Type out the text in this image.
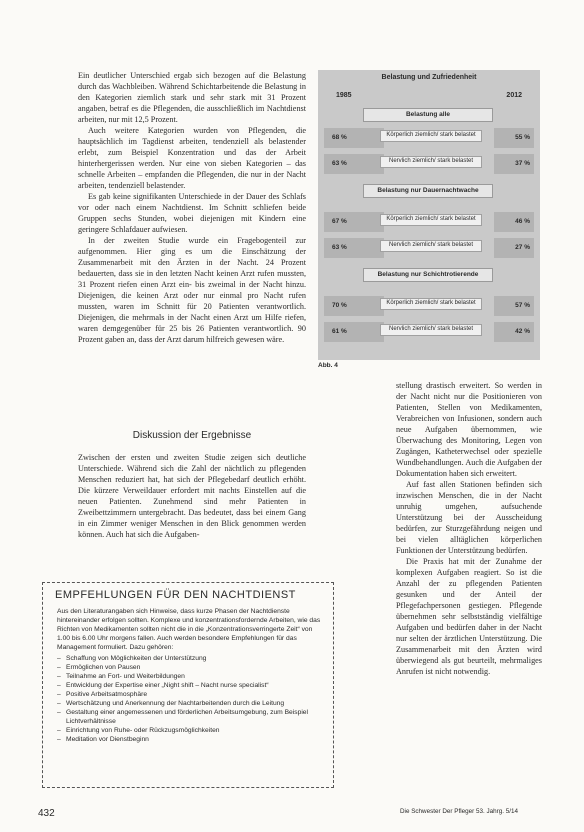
Ein deutlicher Unterschied ergab sich bezogen auf die Belastung durch das Wachbleiben. Während Schichtarbeitende die Belastung in den Kategorien ziemlich stark und sehr stark mit 31 Prozent angaben, betraf es die Pflegenden, die ausschließlich im Nachtdienst arbeiten, nur mit 12,5 Prozent.

Auch weitere Kategorien wurden von Pflegenden, die hauptsächlich im Tagdienst arbeiten, tendenziell als belastender erlebt, zum Beispiel Konzentration und das der Arbeit hinterhergerissen werden. Nur eine von sieben Kategorien – das schnelle Arbeiten – empfanden die Pflegenden, die nur in der Nacht arbeiten, tendenziell belastender.

Es gab keine signifikanten Unterschiede in der Dauer des Schlafs vor oder nach einem Nachtdienst. Im Schnitt schliefen beide Gruppen sechs Stunden, wobei diejenigen mit Kindern eine geringere Schlafdauer aufwiesen.

In der zweiten Studie wurde ein Fragebogenteil zur aufgenommen. Hier ging es um die Einschätzung der Zusammenarbeit mit den Ärzten in der Nacht. 24 Prozent bedauerten, dass sie in den letzten Nacht keinen Arzt rufen mussten, 31 Prozent riefen einen Arzt ein- bis zweimal in der Nacht hinzu. Diejenigen, die keinen Arzt oder nur einmal pro Nacht rufen mussten, waren im Schnitt für 20 Patienten verantwortlich. Diejenigen, die mehrmals in der Nacht einen Arzt um Hilfe riefen, waren demgegenüber für 25 bis 26 Patienten verantwortlich. 90 Prozent gaben an, dass der Arzt darum hilfreich gewesen wäre.

Diskussion der Ergebnisse

Zwischen der ersten und zweiten Studie zeigen sich deutliche Unterschiede. Während sich die Zahl der nächtlich zu pflegenden Menschen reduziert hat, hat sich der Pflegebedarf deutlich erhöht. Die kürzere Verweildauer erfordert mit nachts Einstellen auf die neuen Patienten. Zunehmend sind mehr Patienten in Zweibettzimmern untergebracht. Das bedeutet, dass bei einem Gang in ein Zimmer weniger Menschen in den Blick genommen werden können. Auch hat sich die Aufgaben-

EMPFEHLUNGEN FÜR DEN NACHTDIENST
Aus den Literaturangaben sich Hinweise, dass kurze Phasen der Nachtdienste hintereinander erfolgen sollten. Komplexe und konzentrationsfordernde Arbeiten, wie das Richten von Medikamenten sollten nicht die in die „Konzentrationsverringerte Zeit“ von 1.00 bis 6.00 Uhr morgens fallen. Auch werden besondere Empfehlungen für das Management formuliert. Dazu gehören:
– Schaffung von Möglichkeiten der Unterstützung
– Ermöglichen von Pausen
– Teilnahme an Fort- und Weiterbildungen
– Entwicklung der Expertise einer „Night shift – Nacht nurse specialist“
– Positive Arbeitsatmosphäre
– Wertschätzung und Anerkennung der Nachtarbeitenden durch die Leitung
– Gestaltung einer angemessenen und förderlichen Arbeitsumgebung, zum Beispiel Lichtverhältnisse
– Einrichtung von Ruhe- oder Rückzugsmöglichkeiten
– Meditation vor Dienstbeginn
Belastung und Zufriedenheit
1985	2012
Belastung alle
68 %	Körperlich ziemlich/ stark belastet	55 %
63 %	Nervlich ziemlich/ stark belastet	37 %
Belastung nur Dauernachtwache
67 %	Körperlich ziemlich/ stark belastet	46 %
63 %	Nervlich ziemlich/ stark belastet	27 %
Belastung nur Schichtrotierende
70 %	Körperlich ziemlich/ stark belastet	57 %
61 %	Nervlich ziemlich/ stark belastet	42 %
Abb. 4

stellung drastisch erweitert. So werden in der Nacht nicht nur die Positionieren von Patienten, Stellen von Medikamenten, Verabreichen von Infusionen, sondern auch neue Aufgaben übernommen, wie Überwachung des Monitoring, Legen von Zugängen, Katheterwechsel oder spezielle Wundbehandlungen. Auch die Aufgaben der Dokumentation haben sich erweitert.

Auf fast allen Stationen befinden sich inzwischen Menschen, die in der Nacht unruhig umgehen, aufsuchende Unterstützung bei der Ausscheidung bedürfen, zur Sturzgefährdung neigen und bei vielen alltäglichen körperlichen Funktionen der Unterstützung bedürfen.

Die Praxis hat mit der Zunahme der komplexen Aufgaben reagiert. So ist die Anzahl der zu pflegenden Patienten gesunken und der Anteil der Pflegefachpersonen gestiegen. Pflegende übernehmen sehr selbstständig vielfältige Aufgaben und bedürfen daher in der Nacht nur selten der ärztlichen Unterstützung. Die Zusammenarbeit mit den Ärzten wird überwiegend als gut beurteilt, mehrmaliges Anrufen ist nicht notwendig.

432	Die Schwester Der Pfleger 53. Jahrg. 5/14
